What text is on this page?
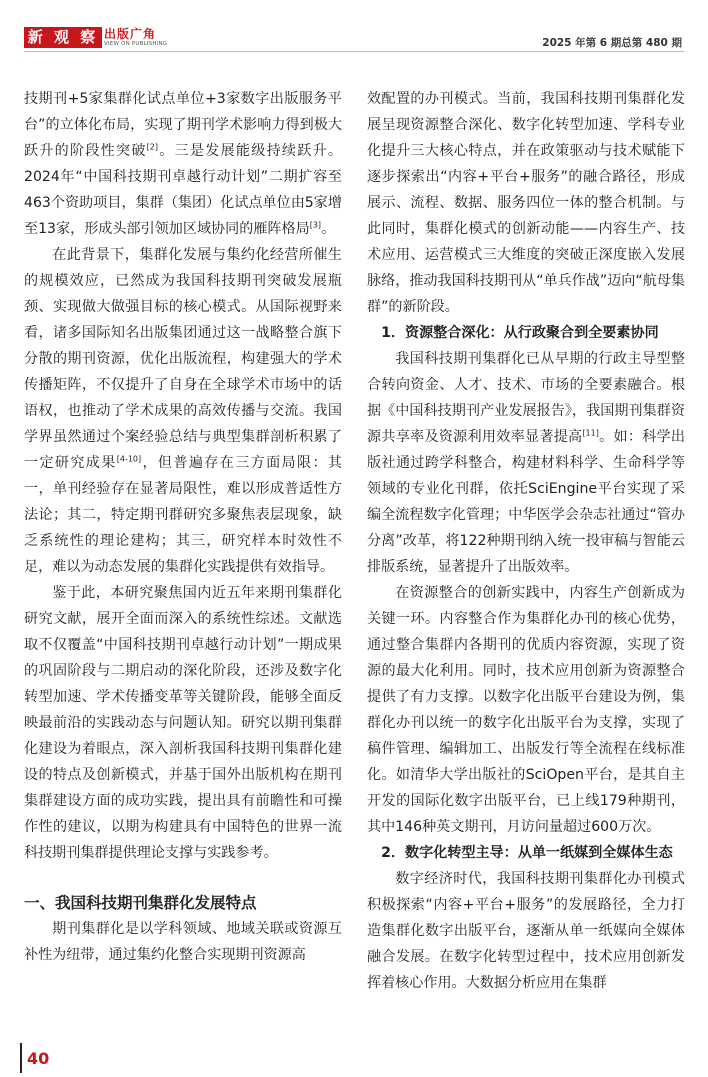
新 观 察 出版广角
VIEW ON PUBLISHING	2025 年第 6 期总第 480 期

技期刊+5家集群化试点单位+3家数字出版服务平台”的立体化布局，实现了期刊学术影响力得到极大跃升的阶段性突破[2]。三是发展能级持续跃升。2024年“中国科技期刊卓越行动计划”二期扩容至463个资助项目，集群（集团）化试点单位由5家增至13家，形成头部引领加区域协同的雁阵格局[3]。

在此背景下，集群化发展与集约化经营所催生的规模效应，已然成为我国科技期刊突破发展瓶颈、实现做大做强目标的核心模式。从国际视野来看，诸多国际知名出版集团通过这一战略整合旗下分散的期刊资源，优化出版流程，构建强大的学术传播矩阵，不仅提升了自身在全球学术市场中的话语权，也推动了学术成果的高效传播与交流。我国学界虽然通过个案经验总结与典型集群剖析积累了一定研究成果[4-10]，但普遍存在三方面局限：其一，单刊经验存在显著局限性，难以形成普适性方法论；其二，特定期刊群研究多聚焦表层现象，缺乏系统性的理论建构；其三，研究样本时效性不足，难以为动态发展的集群化实践提供有效指导。

鉴于此，本研究聚焦国内近五年来期刊集群化研究文献，展开全面而深入的系统性综述。文献选取不仅覆盖“中国科技期刊卓越行动计划”一期成果的巩固阶段与二期启动的深化阶段，还涉及数字化转型加速、学术传播变革等关键阶段，能够全面反映最前沿的实践动态与问题认知。研究以期刊集群化建设为着眼点，深入剖析我国科技期刊集群化建设的特点及创新模式，并基于国外出版机构在期刊集群建设方面的成功实践，提出具有前瞻性和可操作性的建议，以期为构建具有中国特色的世界一流科技期刊集群提供理论支撑与实践参考。

一、我国科技期刊集群化发展特点

期刊集群化是以学科领域、地域关联或资源互补性为纽带，通过集约化整合实现期刊资源高

效配置的办刊模式。当前，我国科技期刊集群化发展呈现资源整合深化、数字化转型加速、学科专业化提升三大核心特点，并在政策驱动与技术赋能下逐步探索出“内容+平台+服务”的融合路径，形成展示、流程、数据、服务四位一体的整合机制。与此同时，集群化模式的创新动能——内容生产、技术应用、运营模式三大维度的突破正深度嵌入发展脉络，推动我国科技期刊从“单兵作战”迈向“航母集群”的新阶段。

1．资源整合深化：从行政聚合到全要素协同

我国科技期刊集群化已从早期的行政主导型整合转向资金、人才、技术、市场的全要素融合。根据《中国科技期刊产业发展报告》，我国期刊集群资源共享率及资源利用效率显著提高[11]。如：科学出版社通过跨学科整合，构建材料科学、生命科学等领域的专业化刊群，依托SciEngine平台实现了采编全流程数字化管理；中华医学会杂志社通过“管办分离”改革，将122种期刊纳入统一投审稿与智能云排版系统，显著提升了出版效率。

在资源整合的创新实践中，内容生产创新成为关键一环。内容整合作为集群化办刊的核心优势，通过整合集群内各期刊的优质内容资源，实现了资源的最大化利用。同时，技术应用创新为资源整合提供了有力支撑。以数字化出版平台建设为例，集群化办刊以统一的数字化出版平台为支撑，实现了稿件管理、编辑加工、出版发行等全流程在线标准化。如清华大学出版社的SciOpen平台，是其自主开发的国际化数字出版平台，已上线179种期刊，其中146种英文期刊，月访问量超过600万次。

2．数字化转型主导：从单一纸媒到全媒体生态

数字经济时代，我国科技期刊集群化办刊模式积极探索“内容+平台+服务”的发展路径，全力打造集群化数字出版平台，逐渐从单一纸媒向全媒体融合发展。在数字化转型过程中，技术应用创新发挥着核心作用。大数据分析应用在集群

40
